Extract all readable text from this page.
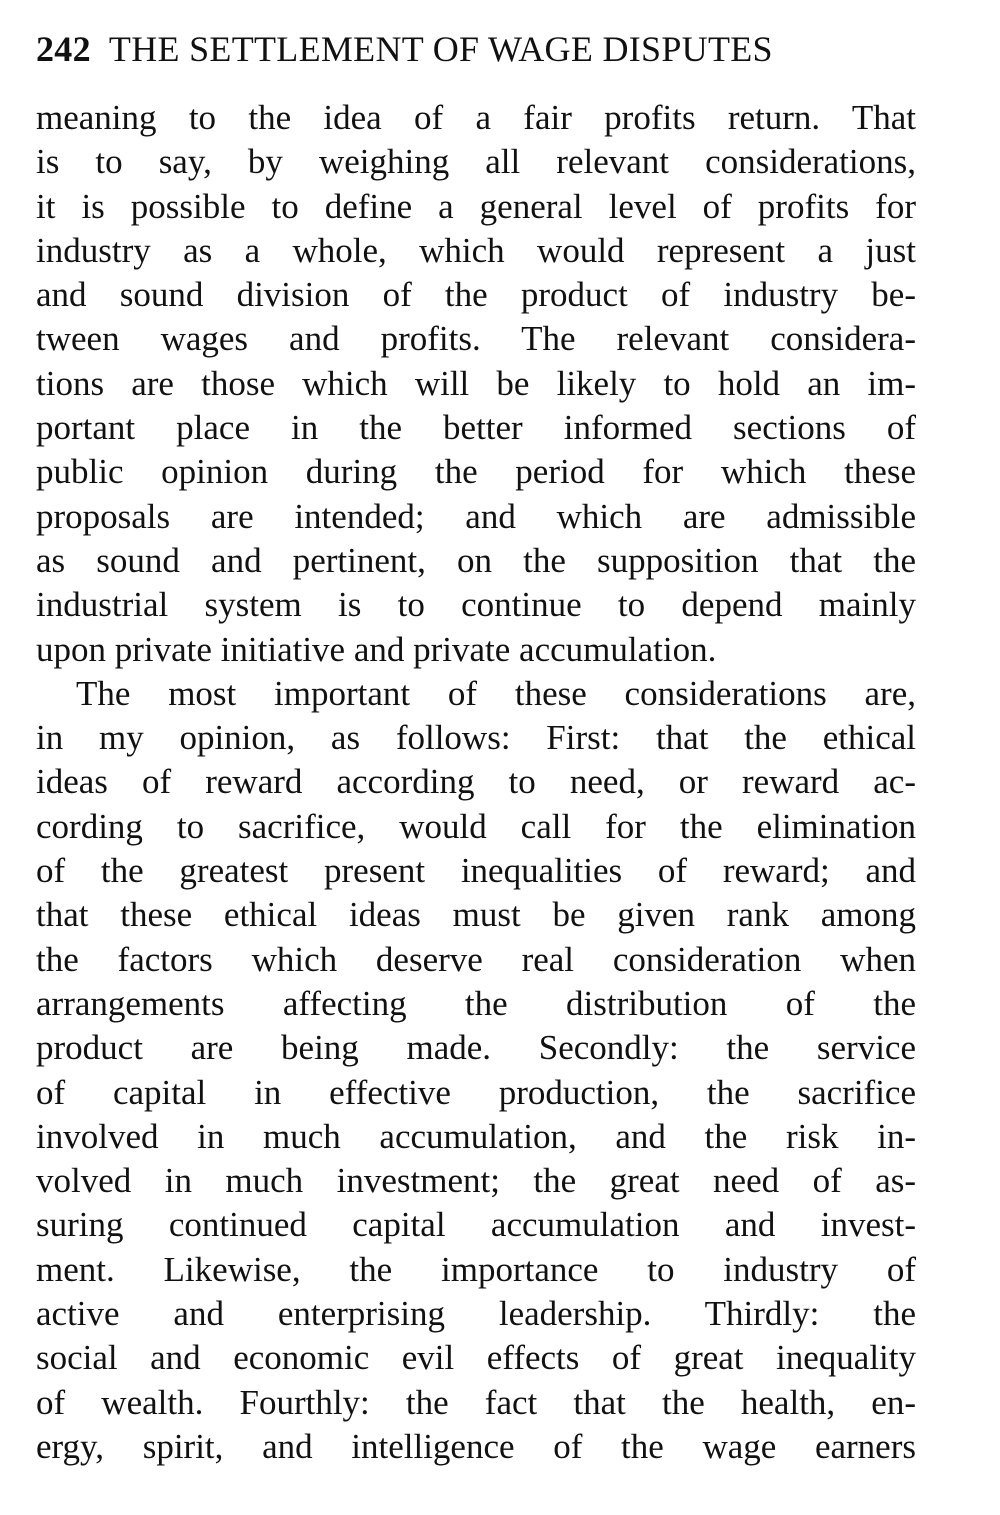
242 THE SETTLEMENT OF WAGE DISPUTES
meaning to the idea of a fair profits return. That
is to say, by weighing all relevant considerations,
it is possible to define a general level of profits for
industry as a whole, which would represent a just
and sound division of the product of industry be-
tween wages and profits. The relevant considera-
tions are those which will be likely to hold an im-
portant place in the better informed sections of
public opinion during the period for which these
proposals are intended; and which are admissible
as sound and pertinent, on the supposition that the
industrial system is to continue to depend mainly
upon private initiative and private accumulation.
The most important of these considerations are,
in my opinion, as follows: First: that the ethical
ideas of reward according to need, or reward ac-
cording to sacrifice, would call for the elimination
of the greatest present inequalities of reward; and
that these ethical ideas must be given rank among
the factors which deserve real consideration when
arrangements affecting the distribution of the
product are being made. Secondly: the service
of capital in effective production, the sacrifice
involved in much accumulation, and the risk in-
volved in much investment; the great need of as-
suring continued capital accumulation and invest-
ment. Likewise, the importance to industry of
active and enterprising leadership. Thirdly: the
social and economic evil effects of great inequality
of wealth. Fourthly: the fact that the health, en-
ergy, spirit, and intelligence of the wage earners
